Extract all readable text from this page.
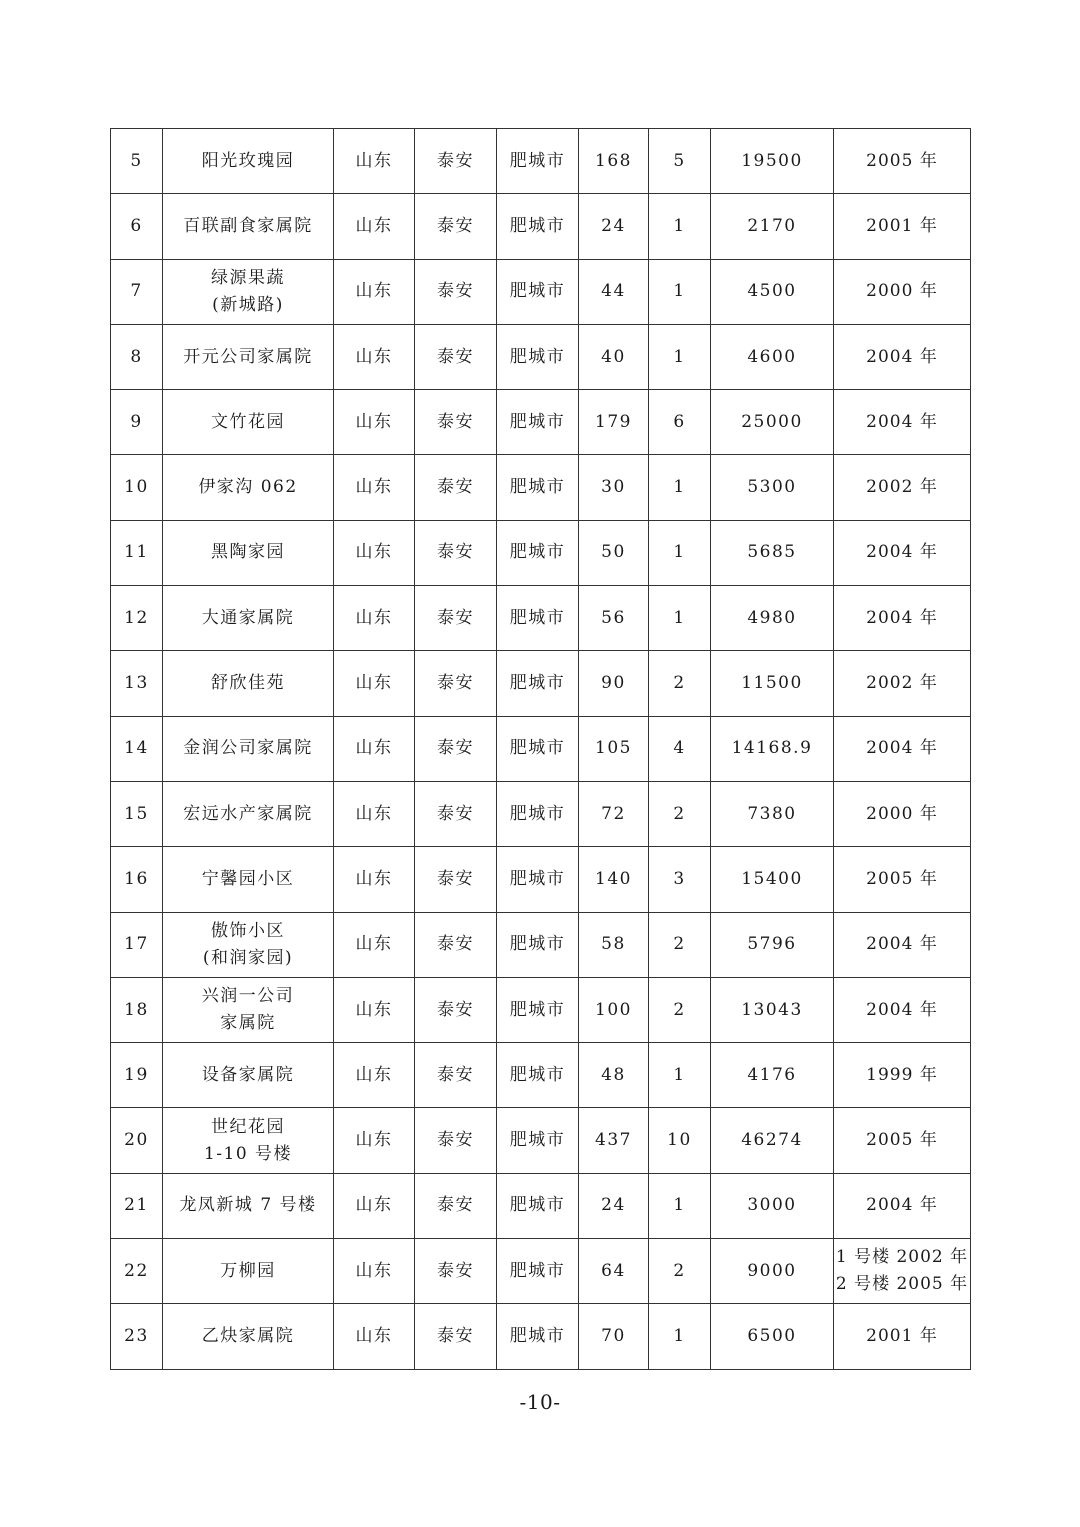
5	阳光玫瑰园	山东	泰安	肥城市	168	5	19500	2005 年

6	百联副食家属院	山东	泰安	肥城市	24	1	2170	2001 年

7	绿源果蔬
(新城路)	山东	泰安	肥城市	44	1	4500	2000 年

8	开元公司家属院	山东	泰安	肥城市	40	1	4600	2004 年

9	文竹花园	山东	泰安	肥城市	179	6	25000	2004 年

10	伊家沟 062	山东	泰安	肥城市	30	1	5300	2002 年

11	黑陶家园	山东	泰安	肥城市	50	1	5685	2004 年

12	大通家属院	山东	泰安	肥城市	56	1	4980	2004 年

13	舒欣佳苑	山东	泰安	肥城市	90	2	11500	2002 年

14	金润公司家属院	山东	泰安	肥城市	105	4	14168.9	2004 年

15	宏远水产家属院	山东	泰安	肥城市	72	2	7380	2000 年

16	宁馨园小区	山东	泰安	肥城市	140	3	15400	2005 年

17	傲饰小区
(和润家园)	山东	泰安	肥城市	58	2	5796	2004 年

18	兴润一公司
家属院	山东	泰安	肥城市	100	2	13043	2004 年

19	设备家属院	山东	泰安	肥城市	48	1	4176	1999 年

20	世纪花园
1-10 号楼	山东	泰安	肥城市	437	10	46274	2005 年

21	龙凤新城 7 号楼	山东	泰安	肥城市	24	1	3000	2004 年

22	万柳园	山东	泰安	肥城市	64	2	9000	1 号楼 2002 年
2 号楼 2005 年

23	乙炔家属院	山东	泰安	肥城市	70	1	6500	2001 年
-10-
